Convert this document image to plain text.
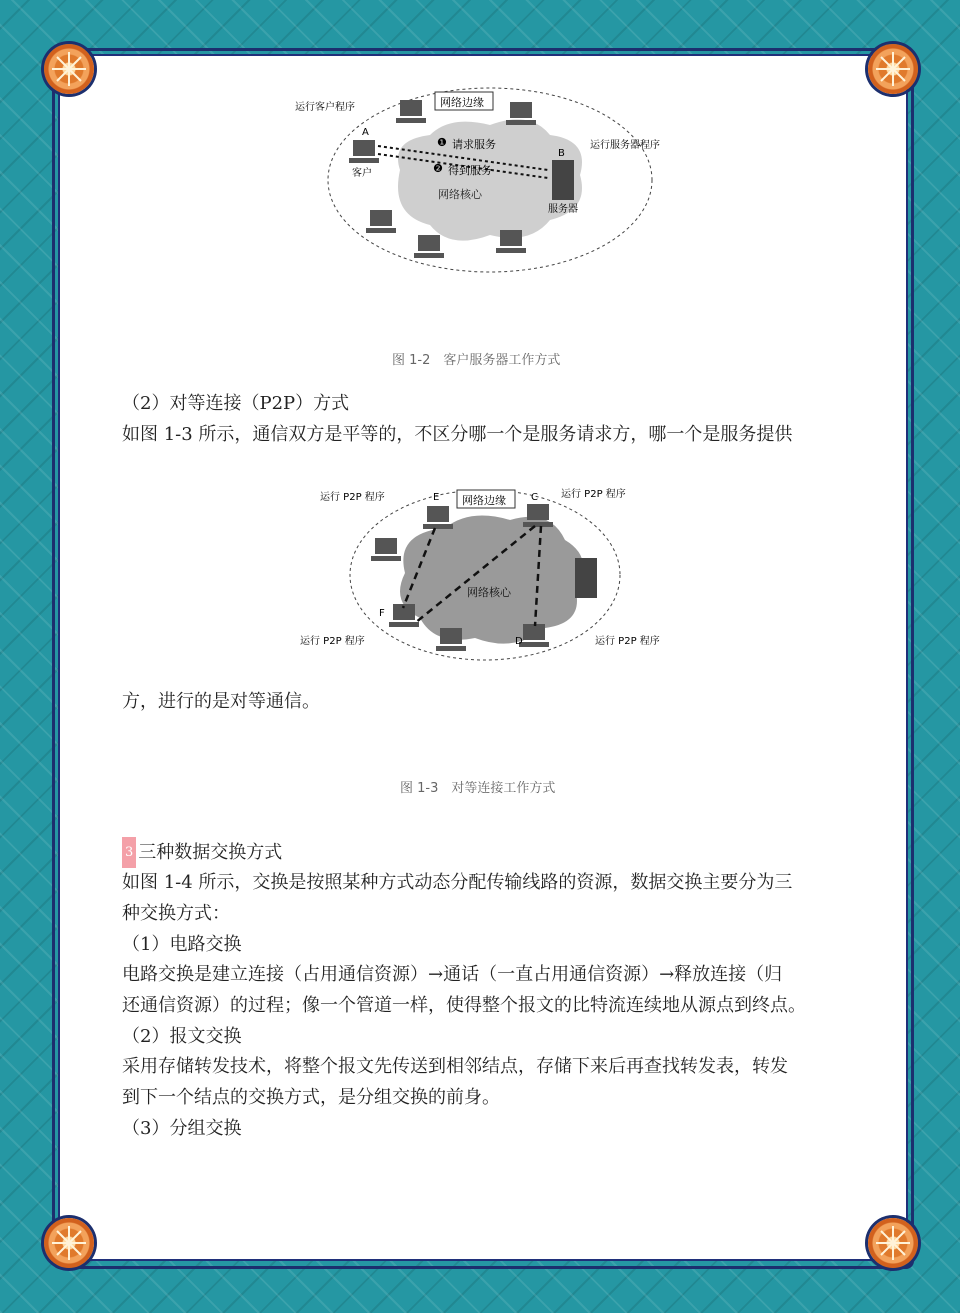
网络边缘
网络核心
运行客户程序
A
客户
B
运行服务器程序
服务器
❶ 请求服务
❷ 得到服务
图 1-2　客户服务器工作方式
（2）对等连接（P2P）方式
如图 1-3 所示，通信双方是平等的，不区分哪一个是服务请求方，哪一个是服务提供
网络边缘
网络核心
运行 P2P 程序	E	C 运行 P2P 程序
F
运行 P2P 程序	D	运行 P2P 程序
方，进行的是对等通信。
图 1-3　对等连接工作方式
3 三种数据交换方式
如图 1-4 所示，交换是按照某种方式动态分配传输线路的资源，数据交换主要分为三
种交换方式：
（1）电路交换
电路交换是建立连接（占用通信资源）→通话（一直占用通信资源）→释放连接（归
还通信资源）的过程；像一个管道一样，使得整个报文的比特流连续地从源点到终点。
（2）报文交换
采用存储转发技术，将整个报文先传送到相邻结点，存储下来后再查找转发表，转发
到下一个结点的交换方式，是分组交换的前身。
（3）分组交换
